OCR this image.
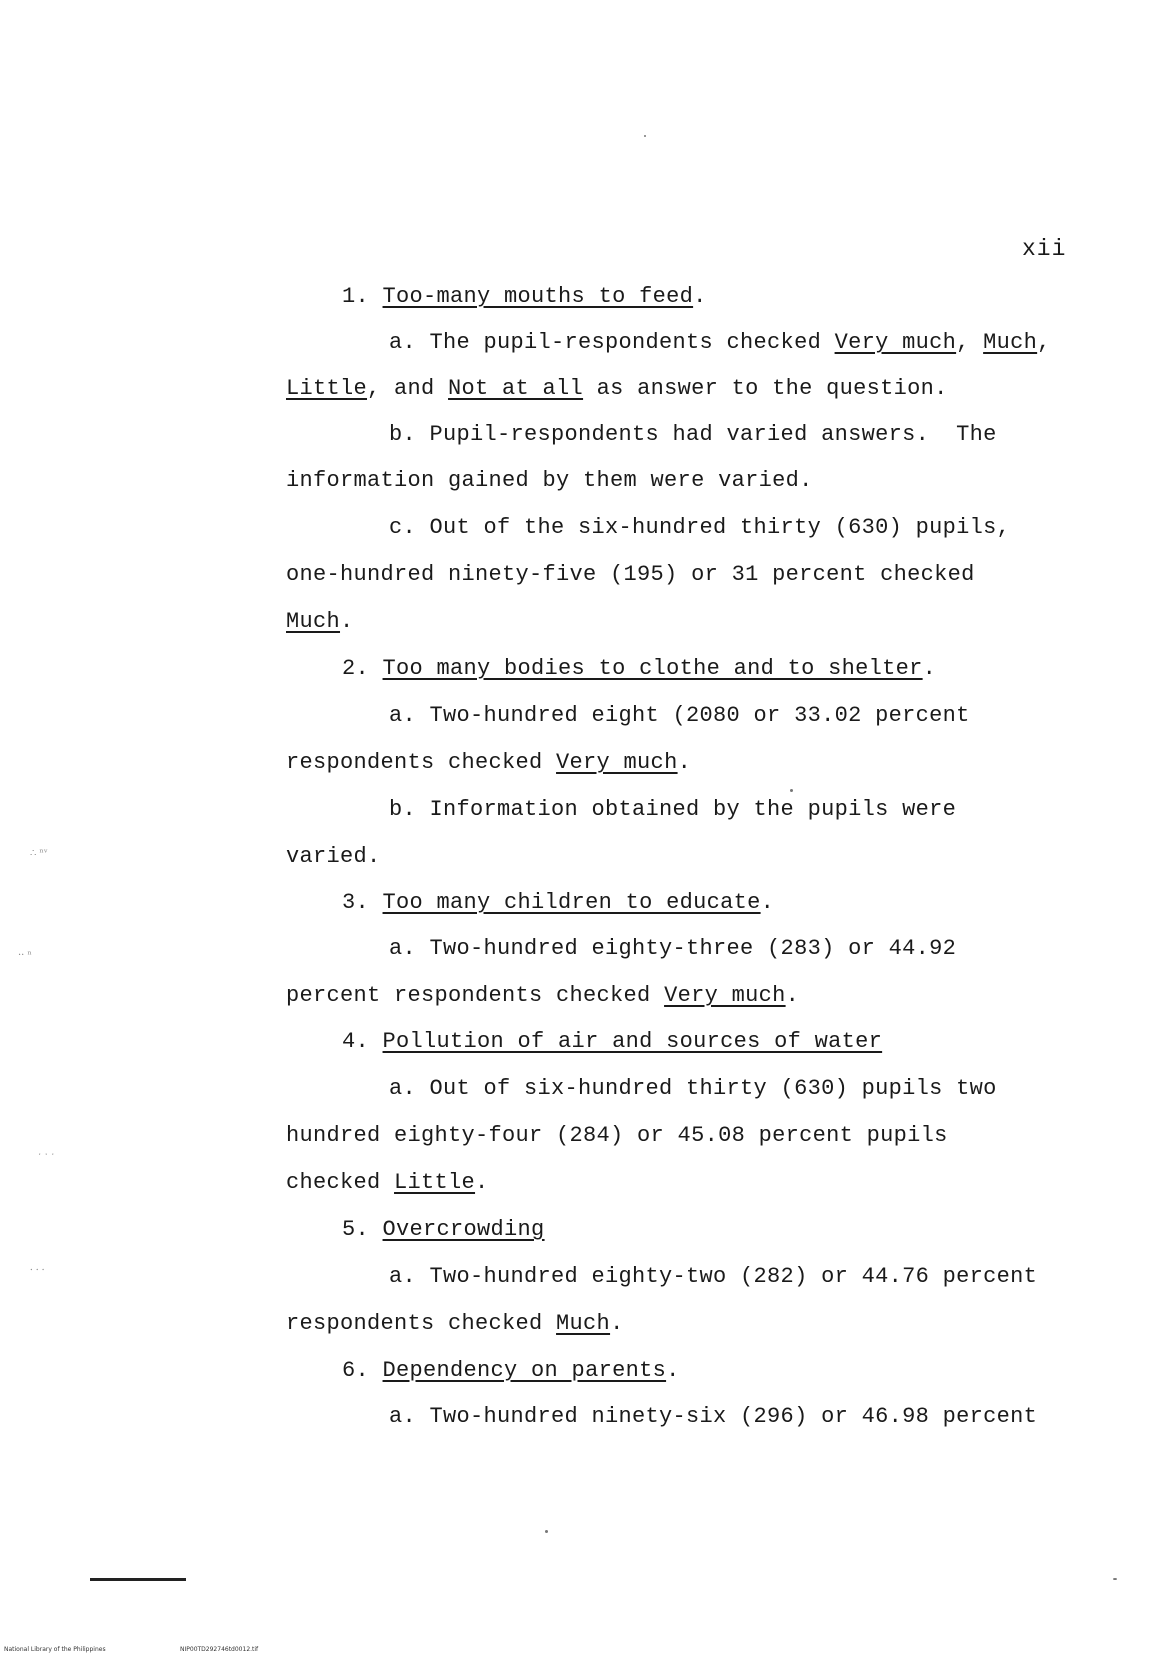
xii
1. Too-many mouths to feed.
a. The pupil-respondents checked Very much, Much,
Little, and Not at all as answer to the question.
b. Pupil-respondents had varied answers.  The
information gained by them were varied.
c. Out of the six-hundred thirty (630) pupils,
one-hundred ninety-five (195) or 31 percent checked
Much.
2. Too many bodies to clothe and to shelter.
a. Two-hundred eight (2080 or 33.02 percent
respondents checked Very much.
b. Information obtained by the pupils were
varied.
3. Too many children to educate.
a. Two-hundred eighty-three (283) or 44.92
percent respondents checked Very much.
4. Pollution of air and sources of water
a. Out of six-hundred thirty (630) pupils two
hundred eighty-four (284) or 45.08 percent pupils
checked Little.
5. Overcrowding
a. Two-hundred eighty-two (282) or 44.76 percent
respondents checked Much.
6. Dependency on parents.
a. Two-hundred ninety-six (296) or 46.98 percent
∴ ⁿᵛ
·· ⁿ
ˑ ˑ ˑ
⸱ ⸱ ⸱
National Library of the Philippines	NIP00TD292746td0012.tif
